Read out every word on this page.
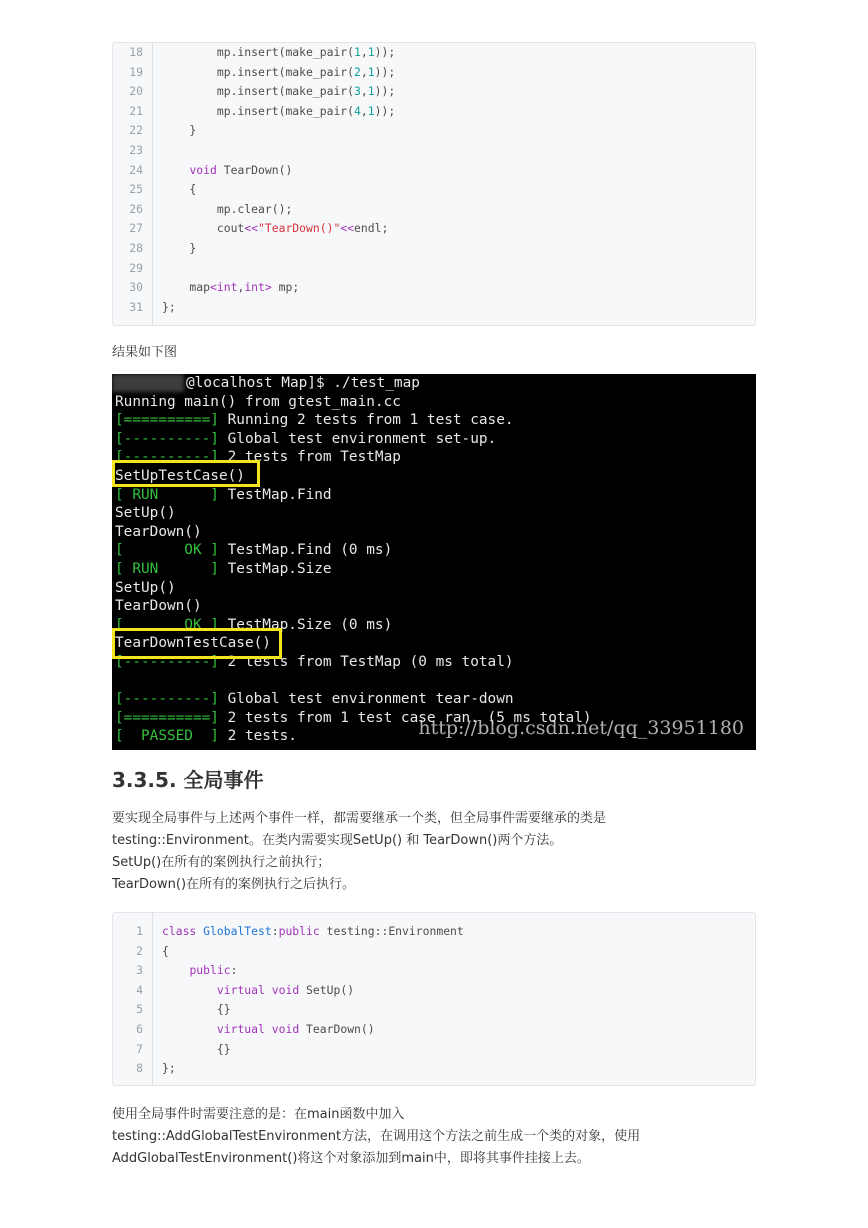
18 mp.insert(make_pair(1,1));
19 mp.insert(make_pair(2,1));
20 mp.insert(make_pair(3,1));
21 mp.insert(make_pair(4,1));
22 }
23
24	void TearDown()
25 {
26 mp.clear();
27 cout<<"TearDown()"<<endl;
28 }
29
30 map<int,int> mp;
31 };
结果如下图
@localhost Map]$ ./test_map
Running main() from gtest_main.cc
[==========] Running 2 tests from 1 test case.
[----------] Global test environment set-up.
[----------] 2 tests from TestMap
SetUpTestCase()
[ RUN      ] TestMap.Find
SetUp()
TearDown()
[       OK ] TestMap.Find (0 ms)
[ RUN      ] TestMap.Size
SetUp()
TearDown()
[       OK ] TestMap.Size (0 ms)
TearDownTestCase()
[----------] 2 tests from TestMap (0 ms total)
[----------] Global test environment tear-down
[==========] 2 tests from 1 test case ran. (5 ms total)
[  PASSED  ] 2 tests.	http://blog.csdn.net/qq_33951180
3.3.5. 全局事件
要实现全局事件与上述两个事件一样，都需要继承一个类，但全局事件需要继承的类是
testing::Environment。在类内需要实现SetUp() 和 TearDown()两个方法。
SetUp()在所有的案例执行之前执行；
TearDown()在所有的案例执行之后执行。
1 class GlobalTest:public testing::Environment
2 {
3	public:
4	virtual void SetUp()
5 {}
6	virtual void TearDown()
7 {}
8 };
使用全局事件时需要注意的是：在main函数中加入
testing::AddGlobalTestEnvironment方法，在调用这个方法之前生成一个类的对象，使用
AddGlobalTestEnvironment()将这个对象添加到main中，即将其事件挂接上去。
